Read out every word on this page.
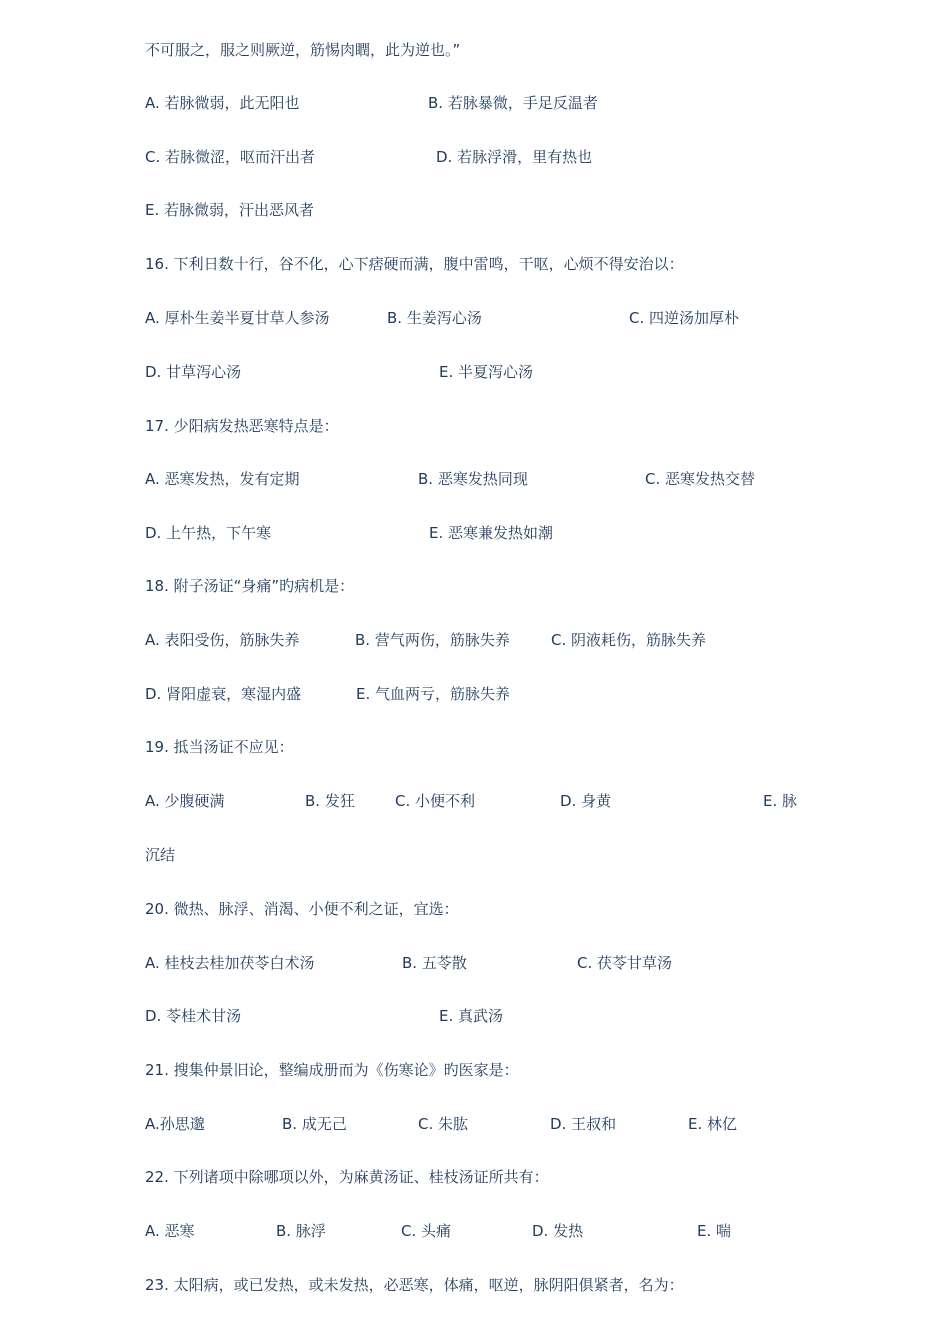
不可服之，服之则厥逆，筋惕肉瞤，此为逆也。”
A. 若脉微弱，此无阳也	B. 若脉暴微，手足反温者
C. 若脉微涩，呕而汗出者	D. 若脉浮滑，里有热也
E. 若脉微弱，汗出恶风者
16. 下利日数十行，谷不化，心下痞硬而满，腹中雷鸣，干呕，心烦不得安治以：
A. 厚朴生姜半夏甘草人参汤	B. 生姜泻心汤	C. 四逆汤加厚朴
D. 甘草泻心汤	E. 半夏泻心汤
17. 少阳病发热恶寒特点是：
A. 恶寒发热，发有定期	B. 恶寒发热同现	C. 恶寒发热交替
D. 上午热，下午寒	E. 恶寒兼发热如潮
18. 附子汤证“身痛”旳病机是：
A. 表阳受伤，筋脉失养	B. 营气两伤，筋脉失养	C. 阴液耗伤，筋脉失养
D. 肾阳虚衰，寒湿内盛	E. 气血两亏，筋脉失养
19. 抵当汤证不应见：
A. 少腹硬满	B. 发狂	C. 小便不利	D. 身黄	E. 脉
沉结
20. 微热、脉浮、消渴、小便不利之证，宜选：
A. 桂枝去桂加茯苓白术汤	B. 五苓散	C. 茯苓甘草汤
D. 苓桂术甘汤	E. 真武汤
21. 搜集仲景旧论，整编成册而为《伤寒论》旳医家是：
A.孙思邈	B. 成无己	C. 朱肱	D. 王叔和	E. 林亿
22. 下列诸项中除哪项以外，为麻黄汤证、桂枝汤证所共有：
A. 恶寒	B. 脉浮	C. 头痛	D. 发热	E. 喘
23. 太阳病，或已发热，或未发热，必恶寒，体痛，呕逆，脉阴阳俱紧者，名为：
